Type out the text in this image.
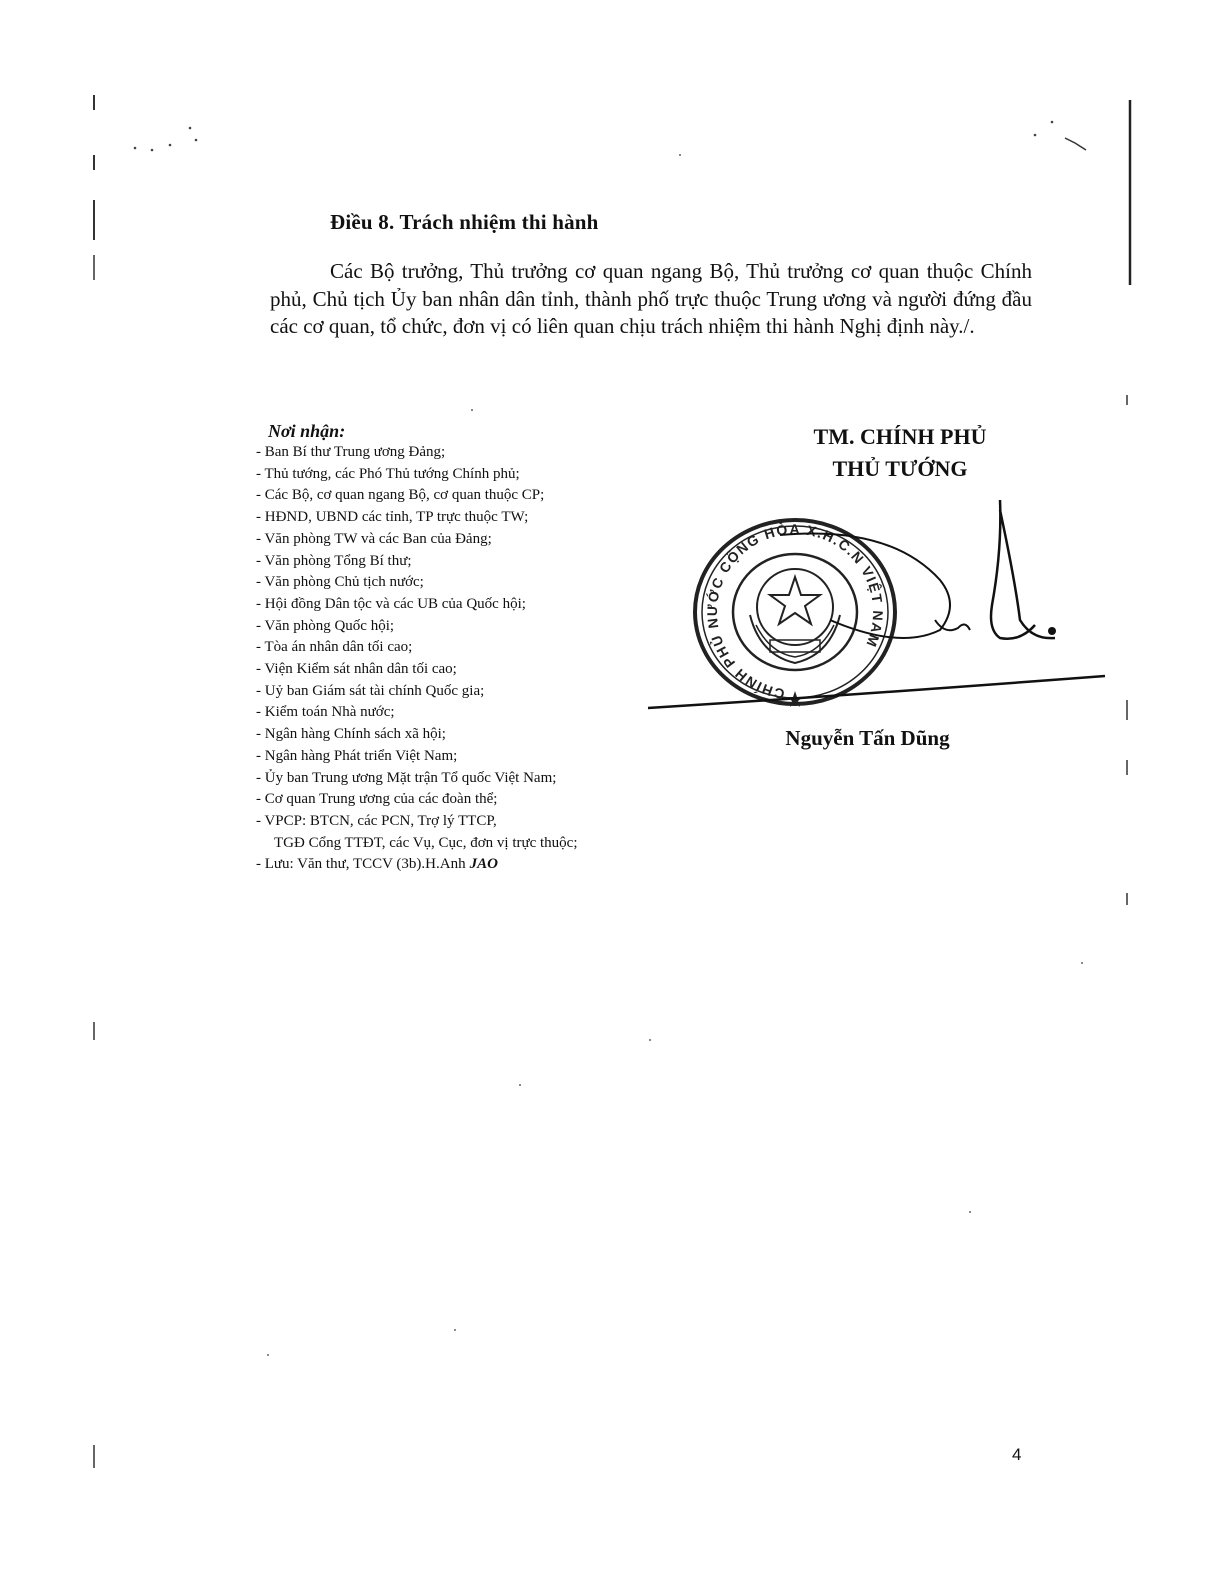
Điều 8. Trách nhiệm thi hành

Các Bộ trưởng, Thủ trưởng cơ quan ngang Bộ, Thủ trưởng cơ quan thuộc Chính phủ, Chủ tịch Ủy ban nhân dân tỉnh, thành phố trực thuộc Trung ương và người đứng đầu các cơ quan, tổ chức, đơn vị có liên quan chịu trách nhiệm thi hành Nghị định này./.

Nơi nhận:
- Ban Bí thư Trung ương Đảng;
- Thủ tướng, các Phó Thủ tướng Chính phủ;
- Các Bộ, cơ quan ngang Bộ, cơ quan thuộc CP;
- HĐND, UBND các tỉnh, TP trực thuộc TW;
- Văn phòng TW và các Ban của Đảng;
- Văn phòng Tổng Bí thư;
- Văn phòng Chủ tịch nước;
- Hội đồng Dân tộc và các UB của Quốc hội;
- Văn phòng Quốc hội;
- Tòa án nhân dân tối cao;
- Viện Kiểm sát nhân dân tối cao;
- Uỷ ban Giám sát tài chính Quốc gia;
- Kiểm toán Nhà nước;
- Ngân hàng Chính sách xã hội;
- Ngân hàng Phát triển Việt Nam;
- Ủy ban Trung ương Mặt trận Tổ quốc Việt Nam;
- Cơ quan Trung ương của các đoàn thể;
- VPCP: BTCN, các PCN, Trợ lý TTCP,
TGĐ Cổng TTĐT, các Vụ, Cục, đơn vị trực thuộc;
- Lưu: Văn thư, TCCV (3b).H.Anh JAO
TM. CHÍNH PHỦ
THỦ TƯỚNG
CHÍNH PHỦ NƯỚC CỘNG HÒA X.H.C.N VIỆT NAM
Nguyễn Tấn Dũng
4
